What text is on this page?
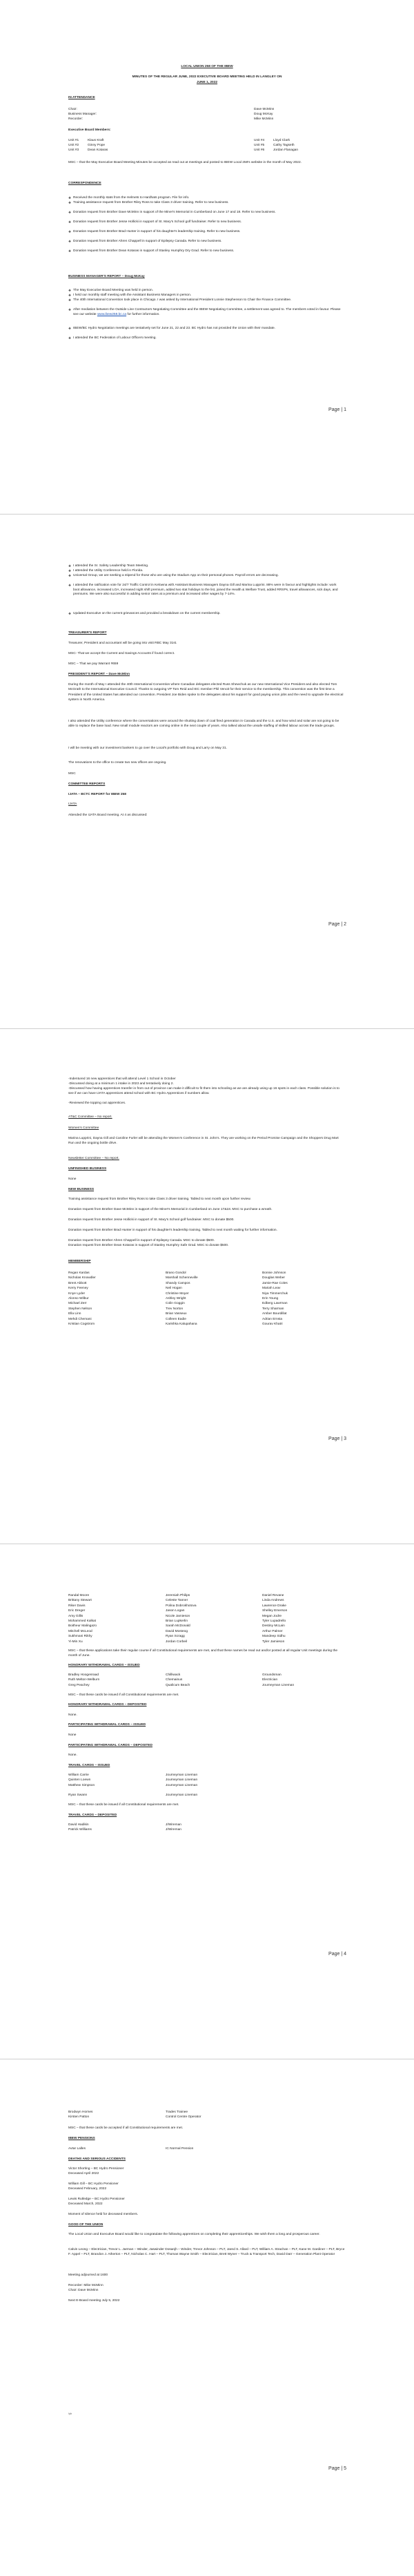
LOCAL UNION 258 OF THE IBEW
MINUTES OF THE REGULAR JUNE, 2022 EXECUTIVE BOARD MEETING HELD IN LANGLEY ON
JUNE 1, 2022
IN ATTENDANCE
Chair:
Business Manager:
Recorder:
Dave McMinn
Doug McKay
Mike McMinn
Executive Board Members:
Unit #1
Unit #2
Unit #3
Klaus Kraft
Ginny Pope
Dean Kotaras
Unit #4
Unit #5
Unit #6
Lloyd Clark
Cathy Tagseth
Jordan Flanagan
MSC – that the May Executive Board Meeting Minutes be accepted as read out at meetings and posted to IBEW Local 258's website in the month of May 2022.
CORRESPONDENCE
❖ Received the monthly stats from the Helmets to Hardhats program. File for info.
❖ Training assistance request from Brother Riley Ross to take Class 3 driver training. Refer to new business.
❖ Donation request from Brother Dave McMinn in support of the Miner's Memorial in Cumberland on June 17 and 18. Refer to new business.
❖ Donation request from Brother Jesse Hollicki in support of St. Mary's School golf fundraiser. Refer to new business.
❖ Donation request from Brother Brad Hunter in support of his daughter's leadership training. Refer to new business.
❖ Donation request from Brother Ahren Chappell in support of Epilepsy Canada. Refer to new business.
❖ Donation request from Brother Dean Kotaras in support of Stanley Humphry Dry Grad. Refer to new business.
BUSINESS MANAGER'S REPORT – Doug McKay
❖ The May Executive Board Meeting was held in person.
❖ I held our monthly staff meeting with the Assistant Business Managers in person.
❖ The 40th International Convention took place in Chicago. I was asked by International President Lonnie Stephenson to Chair the Finance Committee.
❖ After mediation between the Outside Line Contractors Negotiating Committee and the IBEW Negotiating Committee, a settlement was agreed to. The members voted in favour. Please see our website www.ibew258.bc.ca for further information.
❖ IBEW/BC Hydro Negotiation meetings are tentatively set for June 21, 22 and 23. BC Hydro has not provided the Union with their mandate.
❖ I attended the BC Federation of Labour Officers meeting.
Page | 1
❖ I attended the Sr. Safety Leadership Team Meeting.
❖ I attended the Utility Conference held in Florida.
❖ Universal Group, we are seeking a stipend for those who are using the Stadium App on their personal phones. Payroll errors are decreasing.
❖ I attended the ratification vote for 24/7 Traffic Control in Kelowna with Assistant Business Managers Dayna Gill and Marina Lupprini. 88% were in favour and highlights include: work boot allowance, increased LOA, increased night shift premium, added two stat holidays to the list, joined the Health & Welfare Trust, added RRSPs, travel allowances, sick days, and premiums. We were also successful in adding senior rates at a premium and increased other wages by 7-14%.
❖ Updated Executive on the current grievances and provided a breakdown on the current membership.
TREASURER'S REPORT
Treasurer, President and accountant will be going into visit RBC May 31st.
MSC- That we accept the Current and Savings Accounts if found correct.
MSC – That we pay Warrant #659
PRESIDENT'S REPORT – Dave McMinn
During the month of May I attended the 40th International Convention where Canadian delegates elected Russ Shewchuk as our new International Vice President and also elected Tom McGrath to the International Executive Council. Thanks to outgoing VP Tom Reid and IEC member Phil Venoit for their service to the membership. This convention was the first time a President of the United States has attended our convention. President Joe Biden spoke to the delegates about his support for good paying union jobs and the need to upgrade the electrical system in North America.
I also attended the Utility conference where the conversations were around the shutting down of coal fired generation in Canada and the U.S. and how wind and solar are not going to be able to replace the base load. New small module reactors are coming online in the next couple of years. Also talked about the unsafe staffing of skilled labour across the trade groups.
I will be meeting with our investment bankers to go over the Local's portfolio with Doug and Larry on May 31.
The renovations to the office to create two new offices are ongoing.
MSC
COMMITTEE REPORTS
IJATA – BCTC REPORT for IBEW 258
IJATA
Attended the IJATA Board meeting. At 4 as discussed:
Page | 2
-Indentured 16 new apprentices that will attend Level 1 School in October
-Discussed doing at a minimum 1 intake in 2023 and tentatively doing 2.
-Discussed how having apprentices transfer in from out of province can make it difficult to fit them into schooling as we are already using up 16 spots in each class. Possible solution is to see if we can have IJATA apprentices attend school with BC Hydro Apprentices if numbers allow.
-Reviewed the topping out apprentices.
AT&C Committee – No report.
Women's Committee
Marina Lupprini, Dayna Gill and Caroline Furler will be attending the Women's Conference in St. John's. They are working on the Period Promise Campaign and the Shoppers Drug Mart Run and the ongoing bottle drive.
Newsletter Committee – No report.
UNFINISHED BUSINESS
None
NEW BUSINESS
Training assistance request from Brother Riley Ross to take Class 3 driver training. Tabled to next month upon further review.
Donation request from Brother Dave McMinn in support of the Miner's Memorial in Cumberland on June 17&18. MSC to purchase a wreath.
Donation request from Brother Jesse Hollicki in support of St. Mary's School golf fundraiser. MSC to donate $500.
Donation request from Brother Brad Hunter in support of his daughter's leadership training. Tabled to next month waiting for further information.
Donation request from Brother Ahren Chappell in support of Epilepsy Canada. MSC to donate $500.
Donation request from Brother Dean Kotaras in support of Stanley Humphry Safe Grad. MSC to donate $500.
MEMBERSHIP
Regan Kardas
Nicholas Knowdler
Brent Abbott
Kerry Feeney
Knye Lyder
Alonso Wilbur
Michael Zerr
Stephen Nelson
Ella Linn
Mehdi Chemani
Kristian Cogstrom
Brano Gondol
Marshall Schenneville
Shandy Campos
Neil Hogan
Christine Moyer
Ashley Wright
Colin Goggin
Trev Norton
Brian Vasseux
Colleen Eadie
Karishka Kalupahana
Bonnie Johnson
Douglas Weber
Jamie-Rae Coles
Mariah Leav
Niya Timmerchuk
Erin Young
Edberg Lawrman
Terry Sharman
Amber Bourdillat
Adrian Ernsta
Gourav Khatri
Page | 3
Randal Moore
Brittany Stewart
Riker Davis
Eric Dreger
Amy Gillis
Mohammed Kalkat
Boitheur Malingazo
Mitchell McLeod
Sukhmani Rikhy
Yi-Min Xu
Jeremiah Philips
Celeste Tanner
Polina Dobrokhotova
Jason Logan
Nicole Jamieson
Brian Lupkerlin
Sarah McDonald
David Mosteog
Ryan Scragg
Jordan Corbeil
Daniel Revane
Linda Andrews
Lawrence Drake
Shelley Emerson
Megan Jodre
Tyler Lupadrello
Destiny McLain
Arthur Palmer
Mandeep Sidhu
Tyler Jamieson
MSC – that these applications take their regular course if all Constitutional requirements are met, and that these names be read out and/or posted at all regular Unit meetings during the month of June.
HONORARY WITHDRAWAL CARDS – ISSUED
Bradley Hoogenraad
Ruth Melton-Welburn
Greg Peachey
Chilliwack
Chemainus
Qualicum Beach
Groundsman
Electrician
Journeyman Lineman
MSC – that these cards be issued if all Constitutional requirements are met.
HONORARY WITHDRAWAL CARDS – DEPOSITED
None.
PARTICIPATING WITHDRAWAL CARDS – ISSUED
None
PARTICIPATING WITHDRAWAL CARDS – DEPOSITED
None.
TRAVEL CARDS – ISSUED
William Carrie
Quinten Loewn
Matthew Simpson
Journeyman Lineman
Journeyman Lineman
Journeyman Lineman
Ryan Swann	Journeyman Lineman
MSC – that these cards be issued if all Constitutional requirements are met.
TRAVEL CARDS – DEPOSITED
David Hadikin
Patrick Williams
J/Wireman
J/Wireman
Page | 4
Brodwyn Hornes
Kirsten Patton
Trades Trainee
Control Centre Operator
MSC – that these cards be accepted if all Constitutional requirements are met.
IBEW PENSIONS
Avtar Lalles	IC Normal Pension
DEATHS AND SERIOUS ACCIDENTS
Victor Shorting – BC Hydro Pensioner
Deceased April 2022
William Gill – BC Hydro Pensioner
Deceased February, 2022
Lewis Rutledge – BC Hydro Pensioner
Deceased March, 2022
Moment of silence held for deceased members.
GOOD OF THE UNION
The Local Union and Executive Board would like to congratulate the following apprentices on completing their apprenticeships. We wish them a long and prosperous career.
Calvin Leong – Electrician, Trevor L. Jarman – Winder, Jaswinder Dosanjh – Winder, Trevor Johnson – PLT, Jared S. Allard – PLT, William A. Strachan – PLT, Kane M. Gardiner – PLT, Bryce F. Appel – PLT, Brandon J. Atherton – PLT, Nicholas C. Hart – PLT, Thomas Wayne Smith – Electrician, Brett Wyner – Truck & Transport Tech, David Darr – Generation Plant Operator
Meeting adjourned at 1600
Recorder: Mike McMinn
Chair: Dave McMinn
Next E-Board meeting July 5, 2022
/yk
Page | 5
